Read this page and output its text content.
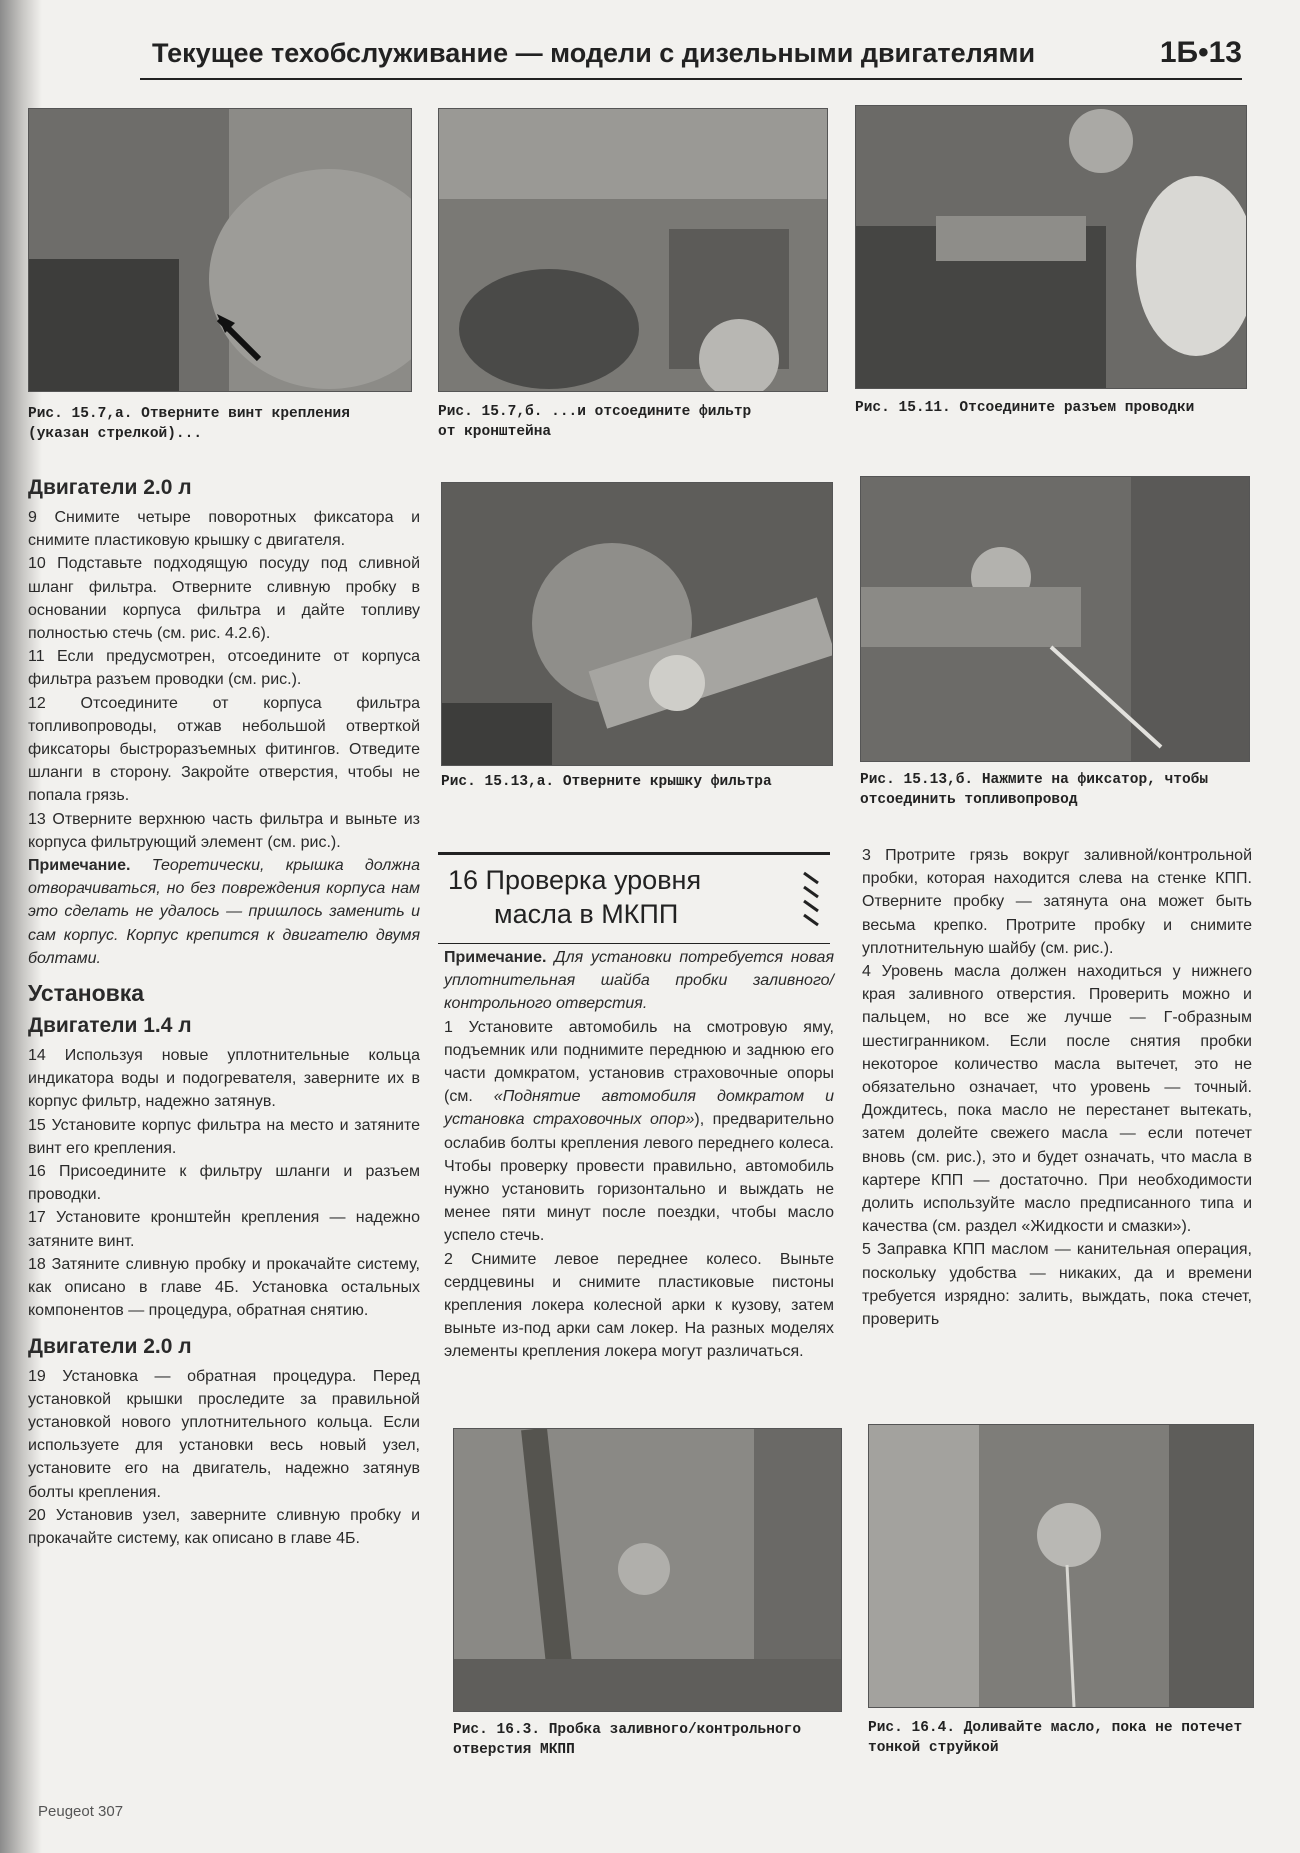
Текущее техобслуживание — модели с дизельными двигателями	1Б•13
Рис. 15.7,а. Отверните винт крепления (указан стрелкой)...
Рис. 15.7,б. ...и отсоедините фильтр от кронштейна
Рис. 15.11. Отсоедините разъем проводки
Рис. 15.13,а. Отверните крышку фильтра	Рис. 15.13,б. Нажмите на фиксатор, чтобы отсоединить топливопровод
Рис. 16.3. Пробка заливного/контрольного отверстия МКПП
Рис. 16.4. Доливайте масло, пока не потечет тонкой струйкой
Двигатели 2.0 л

9 Снимите четыре поворотных фиксатора и снимите пластиковую крышку с двигателя.

10 Подставьте подходящую посуду под сливной шланг фильтра. Отверните сливную пробку в основании корпуса фильтра и дайте топливу полностью стечь (см. рис. 4.2.6).

11 Если предусмотрен, отсоедините от корпуса фильтра разъем проводки (см. рис.).

12 Отсоедините от корпуса фильтра топливопроводы, отжав небольшой отверткой фиксаторы быстроразъемных фитингов. Отведите шланги в сторону. Закройте отверстия, чтобы не попала грязь.

13 Отверните верхнюю часть фильтра и выньте из корпуса фильтрующий элемент (см. рис.).

Примечание. Теоретически, крышка должна отворачиваться, но без повреждения корпуса нам это сделать не удалось — пришлось заменить и сам корпус. Корпус крепится к двигателю двумя болтами.

Установка
Двигатели 1.4 л

14 Используя новые уплотнительные кольца индикатора воды и подогревателя, заверните их в корпус фильтр, надежно затянув.

15 Установите корпус фильтра на место и затяните винт его крепления.

16 Присоедините к фильтру шланги и разъем проводки.

17 Установите кронштейн крепления — надежно затяните винт.

18 Затяните сливную пробку и прокачайте систему, как описано в главе 4Б. Установка остальных компонентов — процедура, обратная снятию.

Двигатели 2.0 л

19 Установка — обратная процедура. Перед установкой крышки проследите за правильной установкой нового уплотнительного кольца. Если используете для установки весь новый узел, установите его на двигатель, надежно затянув болты крепления.

20 Установив узел, заверните сливную пробку и прокачайте систему, как описано в главе 4Б.

16 Проверка уровня
масла в МКПП

Примечание. Для установки потребуется новая уплотнительная шайба пробки заливного/контрольного отверстия.

1 Установите автомобиль на смотровую яму, подъемник или поднимите переднюю и заднюю его части домкратом, установив страховочные опоры (см. «Поднятие автомобиля домкратом и установка страховочных опор»), предварительно ослабив болты крепления левого переднего колеса. Чтобы проверку провести правильно, автомобиль нужно установить горизонтально и выждать не менее пяти минут после поездки, чтобы масло успело стечь.

2 Снимите левое переднее колесо. Выньте сердцевины и снимите пластиковые пистоны крепления локера колесной арки к кузову, затем выньте из-под арки сам локер. На разных моделях элементы крепления локера могут различаться.

3 Протрите грязь вокруг заливной/контрольной пробки, которая находится слева на стенке КПП. Отверните пробку — затянута она может быть весьма крепко. Протрите пробку и снимите уплотнительную шайбу (см. рис.).

4 Уровень масла должен находиться у нижнего края заливного отверстия. Проверить можно и пальцем, но все же лучше — Г-образным шестигранником. Если после снятия пробки некоторое количество масла вытечет, это не обязательно означает, что уровень — точный. Дождитесь, пока масло не перестанет вытекать, затем долейте свежего масла — если потечет вновь (см. рис.), это и будет означать, что масла в картере КПП — достаточно. При необходимости долить используйте масло предписанного типа и качества (см. раздел «Жидкости и смазки»).

5 Заправка КПП маслом — канительная операция, поскольку удобства — никаких, да и времени требуется изрядно: залить, выждать, пока стечет, проверить

Peugeot 307
